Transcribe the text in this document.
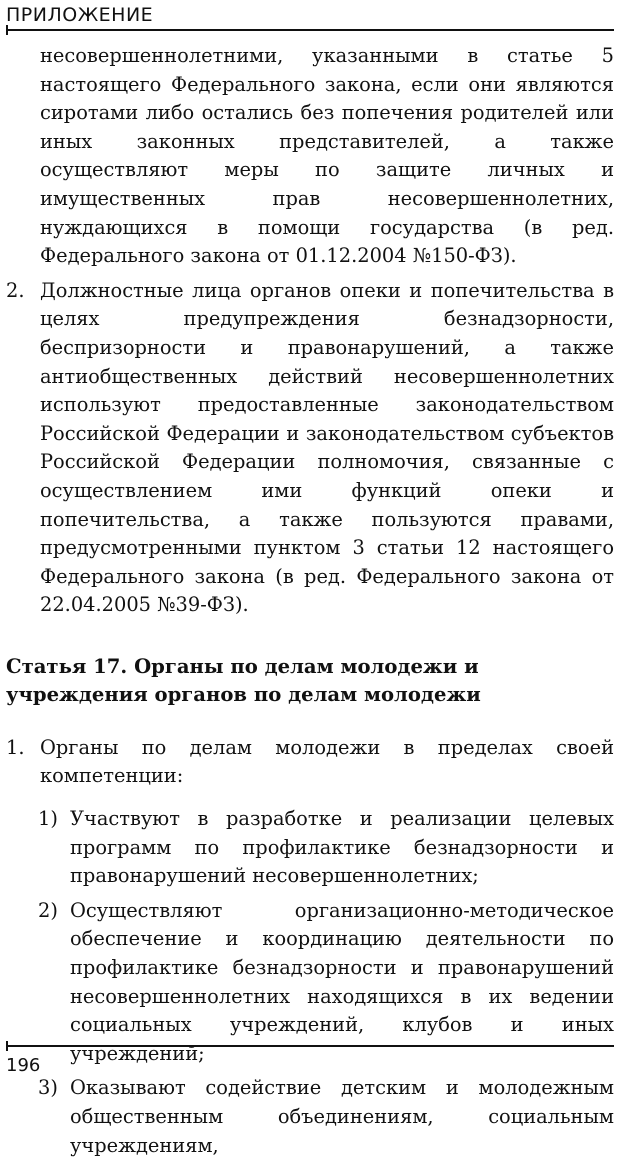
ПРИЛОЖЕНИЕ

несовершеннолетними, указанными в статье 5 настоящего Федерального закона, если они являются сиротами либо остались без попечения родителей или иных законных представителей, а также осуществляют меры по защите личных и имущественных прав несовершеннолетних, нуждающихся в помощи государства (в ред. Федерального закона от 01.12.2004 №150-ФЗ).

2. Должностные лица органов опеки и попечительства в целях предупреждения безнадзорности, беспризорности и правонарушений, а также антиобщественных действий несовершеннолетних используют предоставленные законодательством Российской Федерации и законодательством субъектов Российской Федерации полномочия, связанные с осуществлением ими функций опеки и попечительства, а также пользуются правами, предусмотренными пунктом 3 статьи 12 настоящего Федерального закона (в ред. Федерального закона от 22.04.2005 №39-ФЗ).

Статья 17. Органы по делам молодежи и учреждения органов по делам молодежи
1. Органы по делам молодежи в пределах своей компетенции:

1) Участвуют в разработке и реализации целевых программ по профилактике безнадзорности и правонарушений несовершеннолетних;

2) Осуществляют организационно-методическое обеспечение и координацию деятельности по профилактике безнадзорности и правонарушений несовершеннолетних находящихся в их ведении социальных учреждений, клубов и иных учреждений;

3) Оказывают содействие детским и молодежным общественным объединениям, социальным учреждениям,

196
